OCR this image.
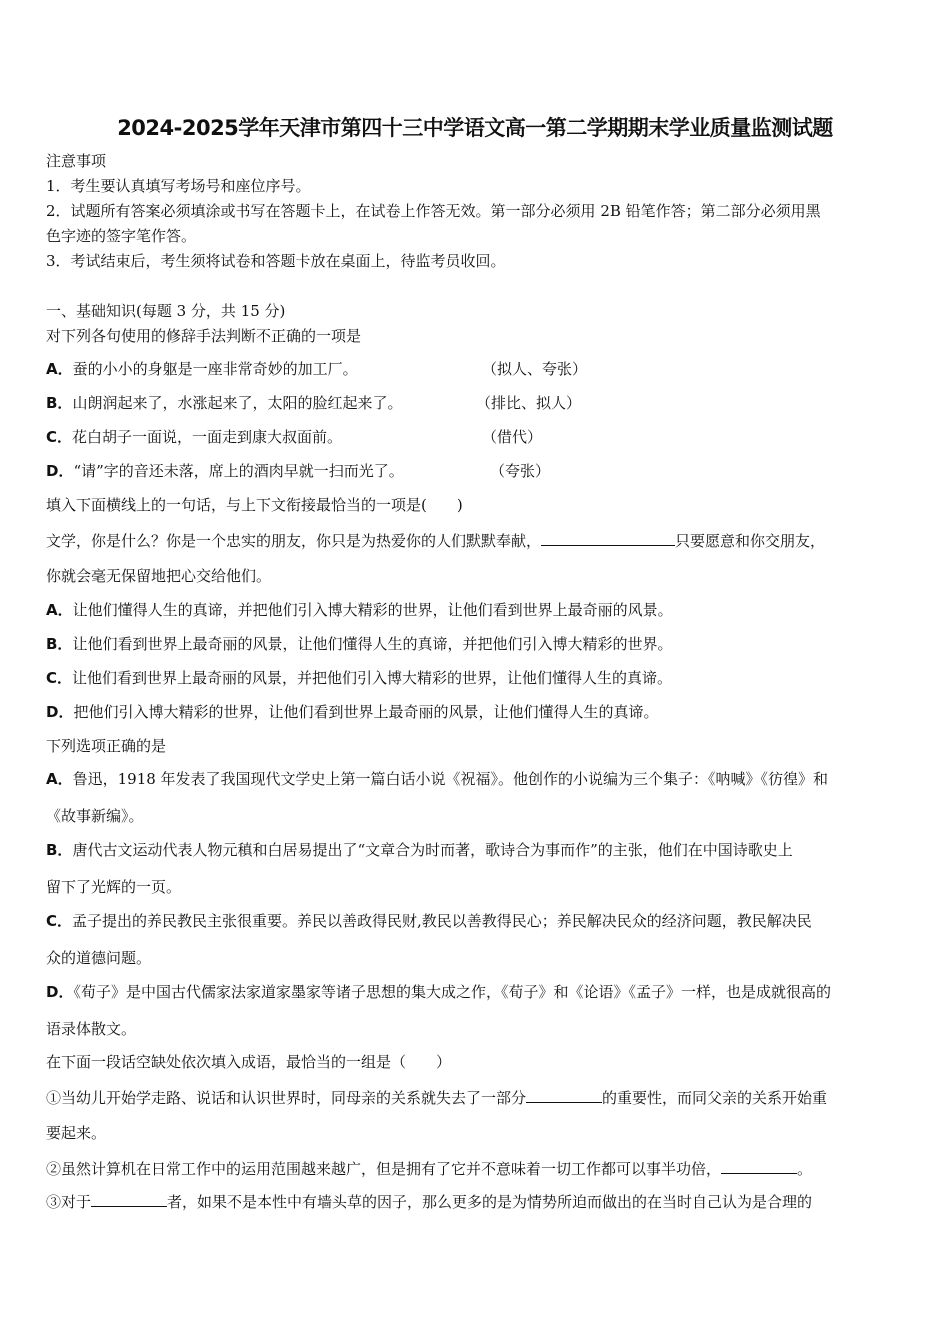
2024-2025学年天津市第四十三中学语文高一第二学期期末学业质量监测试题
注意事项
1．考生要认真填写考场号和座位序号。
2．试题所有答案必须填涂或书写在答题卡上，在试卷上作答无效。第一部分必须用 2B 铅笔作答；第二部分必须用黑
色字迹的签字笔作答。
3．考试结束后，考生须将试卷和答题卡放在桌面上，待监考员收回。
一、基础知识(每题 3 分，共 15 分)
对下列各句使用的修辞手法判断不正确的一项是
A．蚕的小小的身躯是一座非常奇妙的加工厂。	（拟人、夸张）
B．山朗润起来了，水涨起来了，太阳的脸红起来了。	（排比、拟人）
C．花白胡子一面说，一面走到康大叔面前。	（借代）
D．“请”字的音还未落，席上的酒肉早就一扫而光了。	（夸张）
填入下面横线上的一句话，与上下文衔接最恰当的一项是(　　)
文学，你是什么？你是一个忠实的朋友，你只是为热爱你的人们默默奉献，	只要愿意和你交朋友，
你就会毫无保留地把心交给他们。
A．让他们懂得人生的真谛，并把他们引入博大精彩的世界，让他们看到世界上最奇丽的风景。
B．让他们看到世界上最奇丽的风景，让他们懂得人生的真谛，并把他们引入博大精彩的世界。
C．让他们看到世界上最奇丽的风景，并把他们引入博大精彩的世界，让他们懂得人生的真谛。
D．把他们引入博大精彩的世界，让他们看到世界上最奇丽的风景，让他们懂得人生的真谛。
下列选项正确的是
A．鲁迅，1918 年发表了我国现代文学史上第一篇白话小说《祝福》。他创作的小说编为三个集子：《呐喊》《彷徨》和
《故事新编》。
B．唐代古文运动代表人物元稹和白居易提出了“文章合为时而著，歌诗合为事而作”的主张，他们在中国诗歌史上
留下了光辉的一页。
C．孟子提出的养民教民主张很重要。养民以善政得民财,教民以善教得民心；养民解决民众的经济问题，教民解决民
众的道德问题。
D．《荀子》是中国古代儒家法家道家墨家等诸子思想的集大成之作，《荀子》和《论语》《孟子》一样，也是成就很高的
语录体散文。
在下面一段话空缺处依次填入成语，最恰当的一组是（　　）
①当幼儿开始学走路、说话和认识世界时，同母亲的关系就失去了一部分	的重要性，而同父亲的关系开始重
要起来。
②虽然计算机在日常工作中的运用范围越来越广，但是拥有了它并不意味着一切工作都可以事半功倍，	。
③对于	者，如果不是本性中有墙头草的因子，那么更多的是为情势所迫而做出的在当时自己认为是合理的
